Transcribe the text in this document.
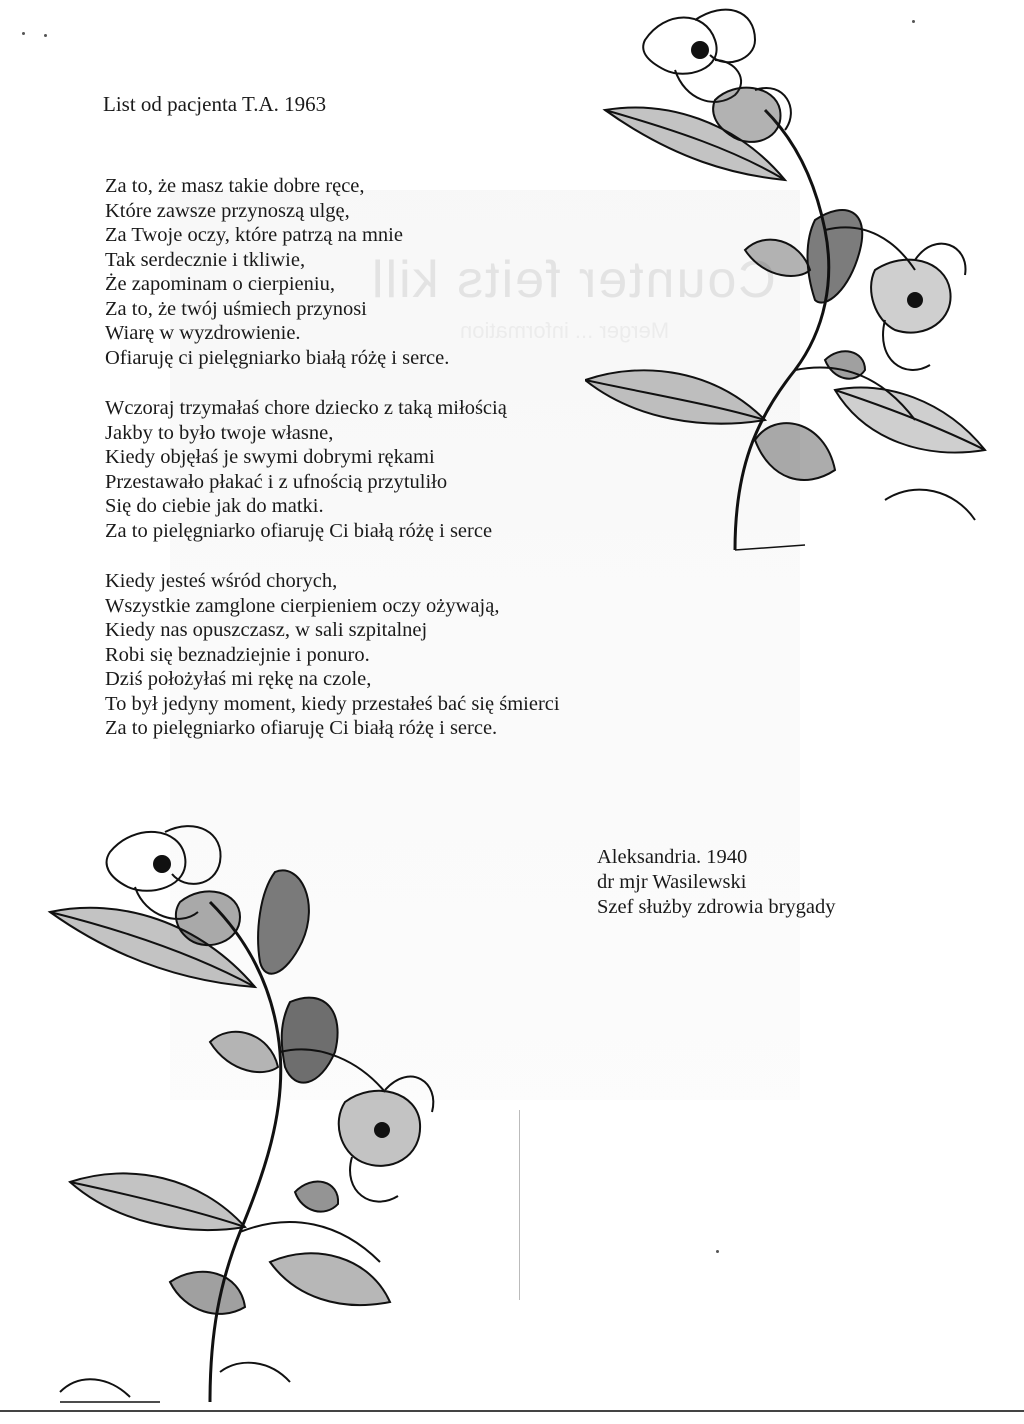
Counter feits kill
Merger ... information
List od pacjenta T.A. 1963

Za to, że masz takie dobre ręce,
Które zawsze przynoszą ulgę,
Za Twoje oczy, które patrzą na mnie
Tak serdecznie i tkliwie,
Że zapominam o cierpieniu,
Za to, że twój uśmiech przynosi
Wiarę w wyzdrowienie.
Ofiaruję ci pielęgniarko białą różę i serce.

Wczoraj trzymałaś chore dziecko z taką miłością
Jakby to było twoje własne,
Kiedy objęłaś je swymi dobrymi rękami
Przestawało płakać i z ufnością przytuliło
Się do ciebie jak do matki.
Za to pielęgniarko ofiaruję Ci białą różę i serce

Kiedy jesteś wśród chorych,
Wszystkie zamglone cierpieniem oczy ożywają,
Kiedy nas opuszczasz, w sali szpitalnej
Robi się beznadziejnie i ponuro.
Dziś położyłaś mi rękę na czole,
To był jedyny moment, kiedy przestałeś bać się śmierci
Za to pielęgniarko ofiaruję Ci białą różę i serce.

Aleksandria. 1940
dr mjr Wasilewski
Szef służby zdrowia brygady
